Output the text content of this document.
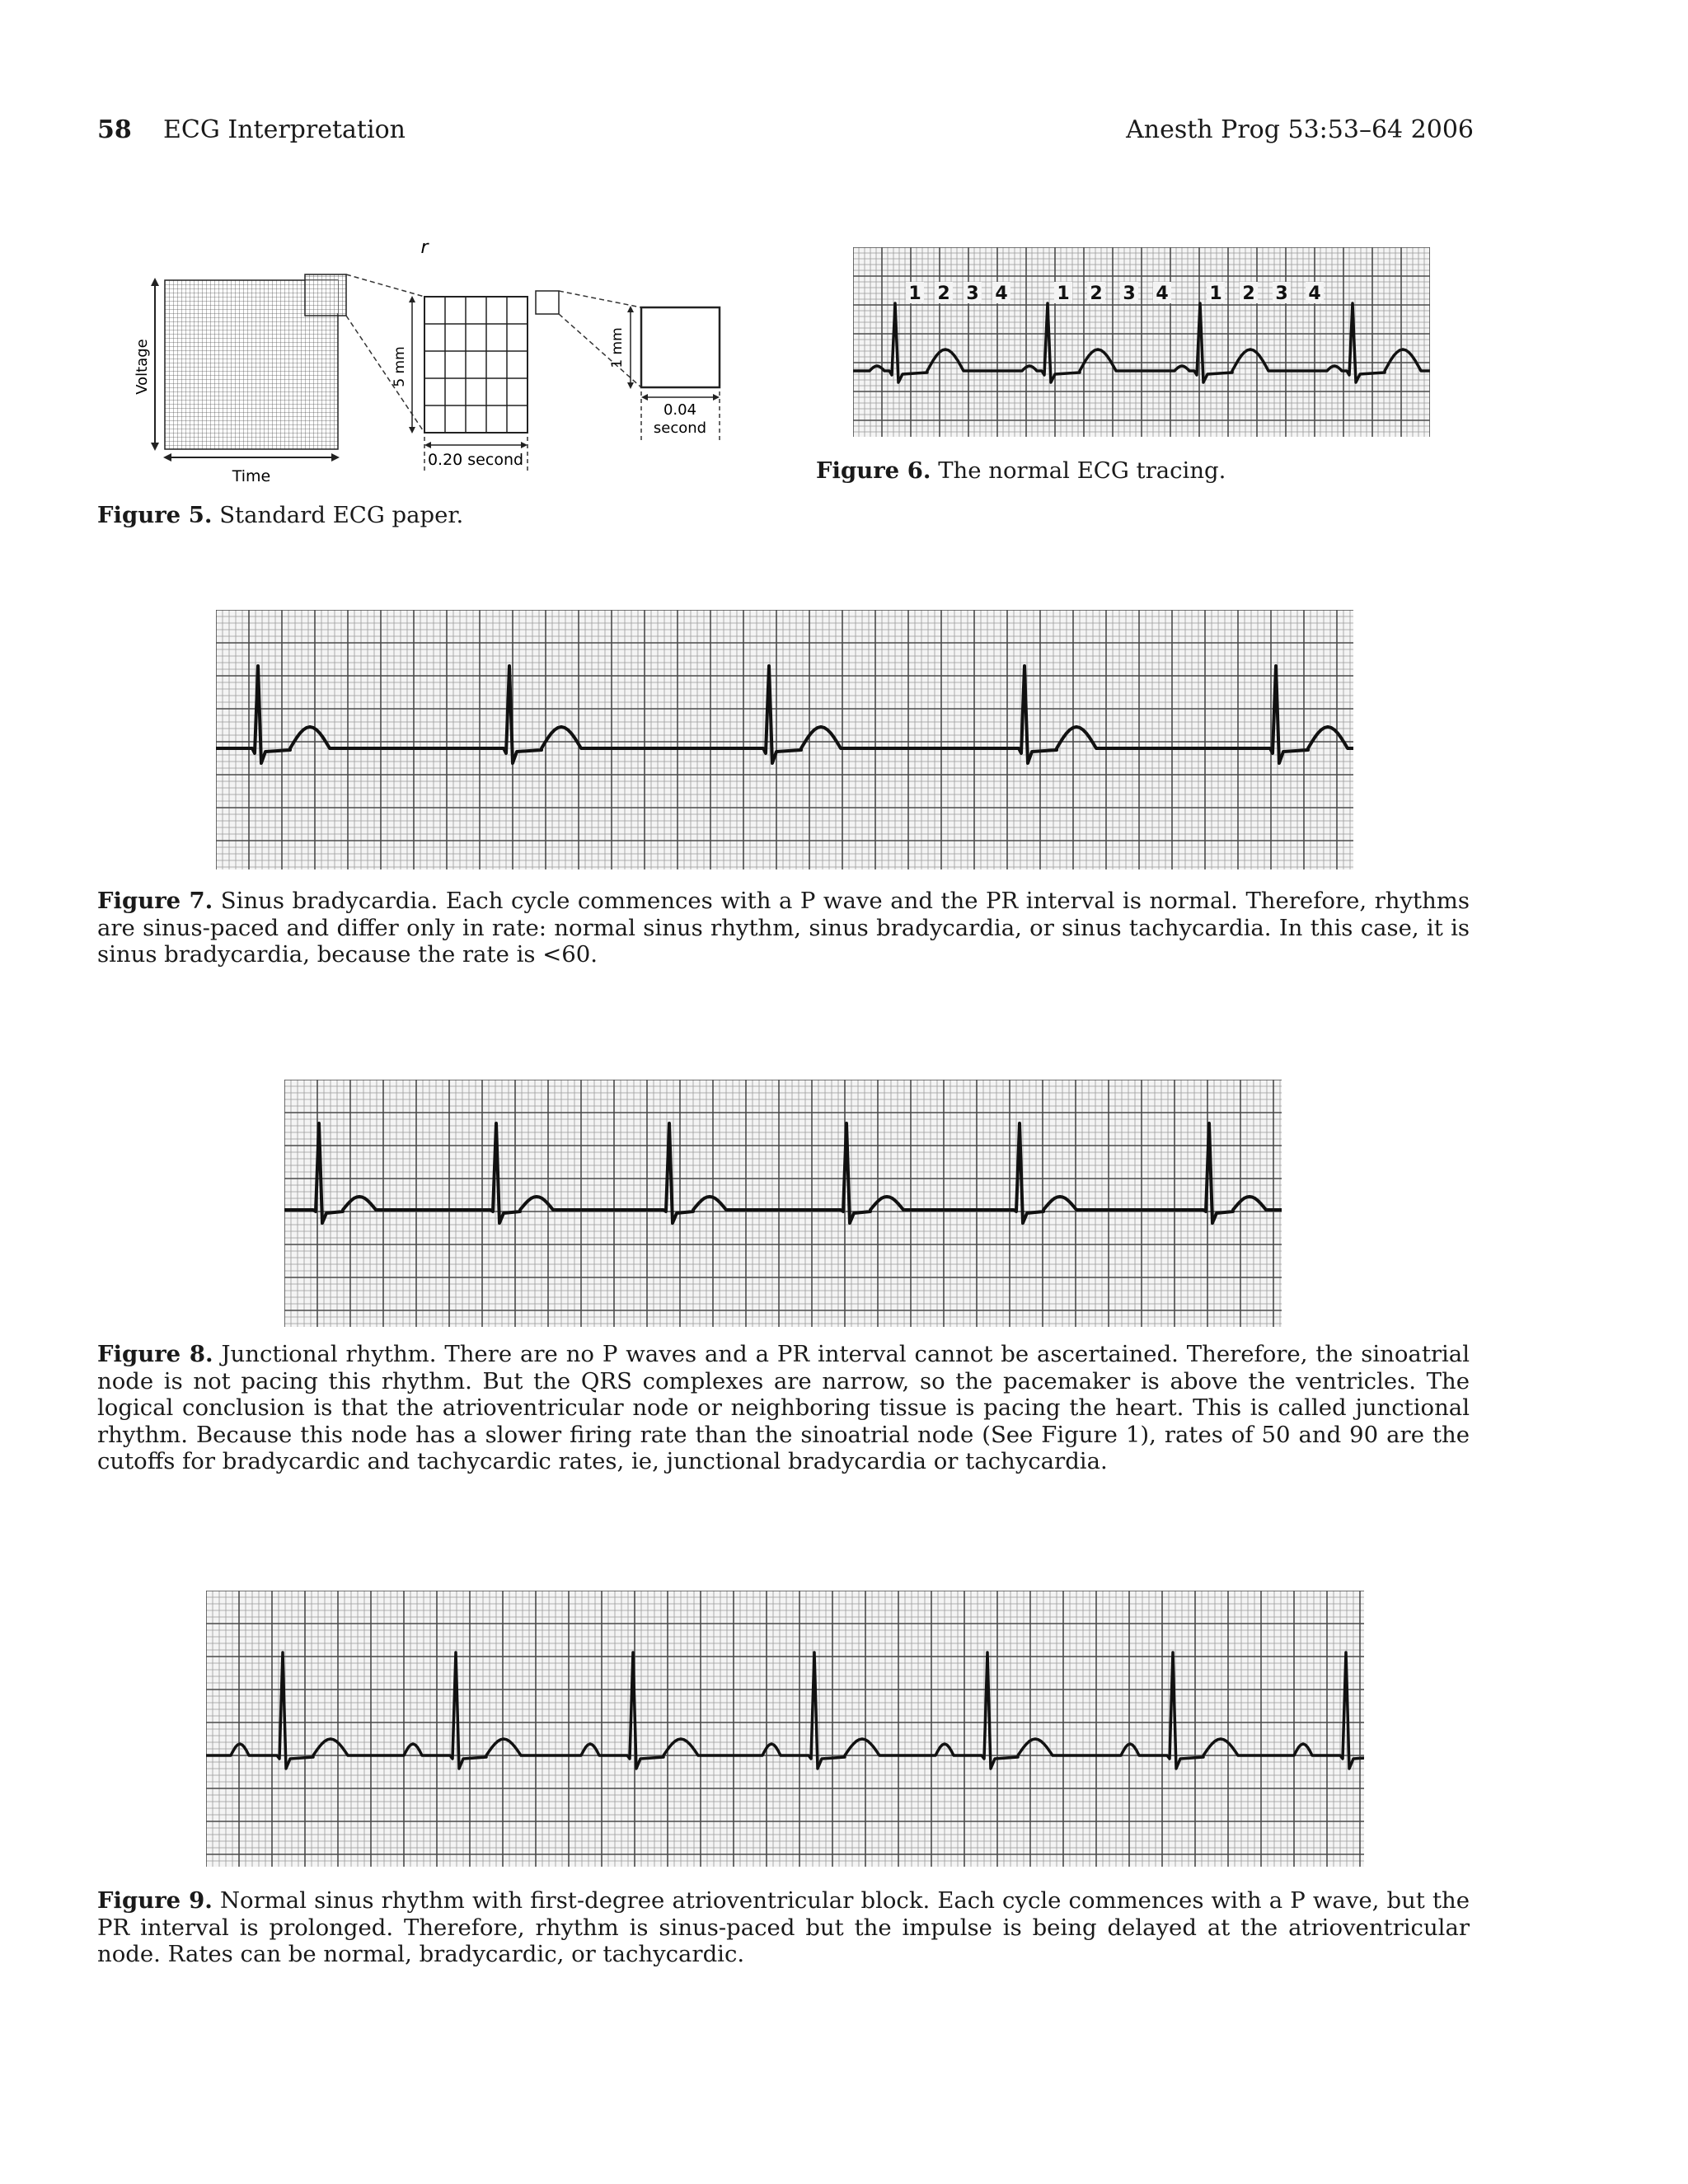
58 ECG Interpretation	Anesth Prog 53:53–64 2006
Voltage
Time
r
5 mm	1 mm
0.04
second
0.20 second
Figure 5. Standard ECG paper.
1 2 3 4	1 2 3 4 1 2 3 4
Figure 6. The normal ECG tracing.
Figure 7. Sinus bradycardia. Each cycle commences with a P wave and the PR interval is normal. Therefore, rhythms are sinus-paced and differ only in rate: normal sinus rhythm, sinus bradycardia, or sinus tachycardia. In this case, it is sinus bradycardia, because the rate is <60.
Figure 8. Junctional rhythm. There are no P waves and a PR interval cannot be ascertained. Therefore, the sinoatrial node is not pacing this rhythm. But the QRS complexes are narrow, so the pacemaker is above the ventricles. The logical conclusion is that the atrioventricular node or neighboring tissue is pacing the heart. This is called junctional rhythm. Because this node has a slower firing rate than the sinoatrial node (See Figure 1), rates of 50 and 90 are the cutoffs for bradycardic and tachycardic rates, ie, junctional bradycardia or tachycardia.
Figure 9. Normal sinus rhythm with first-degree atrioventricular block. Each cycle commences with a P wave, but the PR interval is prolonged. Therefore, rhythm is sinus-paced but the impulse is being delayed at the atrioventricular node. Rates can be normal, bradycardic, or tachycardic.
